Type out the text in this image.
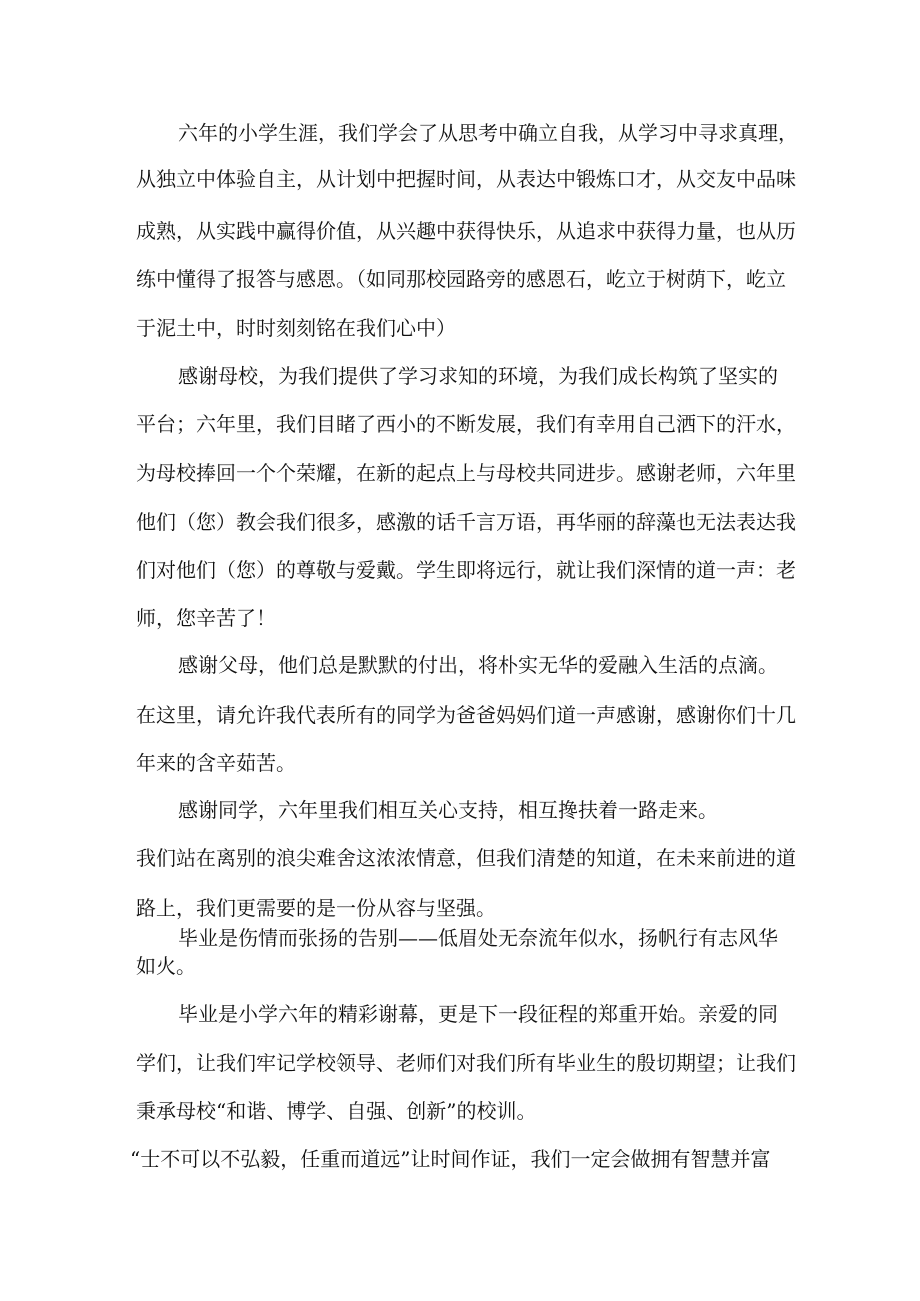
六年的小学生涯，我们学会了从思考中确立自我，从学习中寻求真理，
从独立中体验自主，从计划中把握时间，从表达中锻炼口才，从交友中品味
成熟，从实践中赢得价值，从兴趣中获得快乐，从追求中获得力量，也从历
练中懂得了报答与感恩。（如同那校园路旁的感恩石，屹立于树荫下，屹立
于泥土中，时时刻刻铭在我们心中）
感谢母校，为我们提供了学习求知的环境，为我们成长构筑了坚实的
平台；六年里，我们目睹了西小的不断发展，我们有幸用自己洒下的汗水，
为母校捧回一个个荣耀，在新的起点上与母校共同进步。感谢老师，六年里
他们（您）教会我们很多，感激的话千言万语，再华丽的辞藻也无法表达我
们对他们（您）的尊敬与爱戴。学生即将远行，就让我们深情的道一声：老
师，您辛苦了！
感谢父母，他们总是默默的付出，将朴实无华的爱融入生活的点滴。
在这里，请允许我代表所有的同学为爸爸妈妈们道一声感谢，感谢你们十几
年来的含辛茹苦。
感谢同学，六年里我们相互关心支持，相互搀扶着一路走来。
我们站在离别的浪尖难舍这浓浓情意，但我们清楚的知道，在未来前进的道
路上，我们更需要的是一份从容与坚强。
毕业是伤情而张扬的告别——低眉处无奈流年似水，扬帆行有志风华
如火。
毕业是小学六年的精彩谢幕，更是下一段征程的郑重开始。亲爱的同
学们，让我们牢记学校领导、老师们对我们所有毕业生的殷切期望；让我们
秉承母校“和谐、博学、自强、创新”的校训。
“士不可以不弘毅，任重而道远”让时间作证，我们一定会做拥有智慧并富
